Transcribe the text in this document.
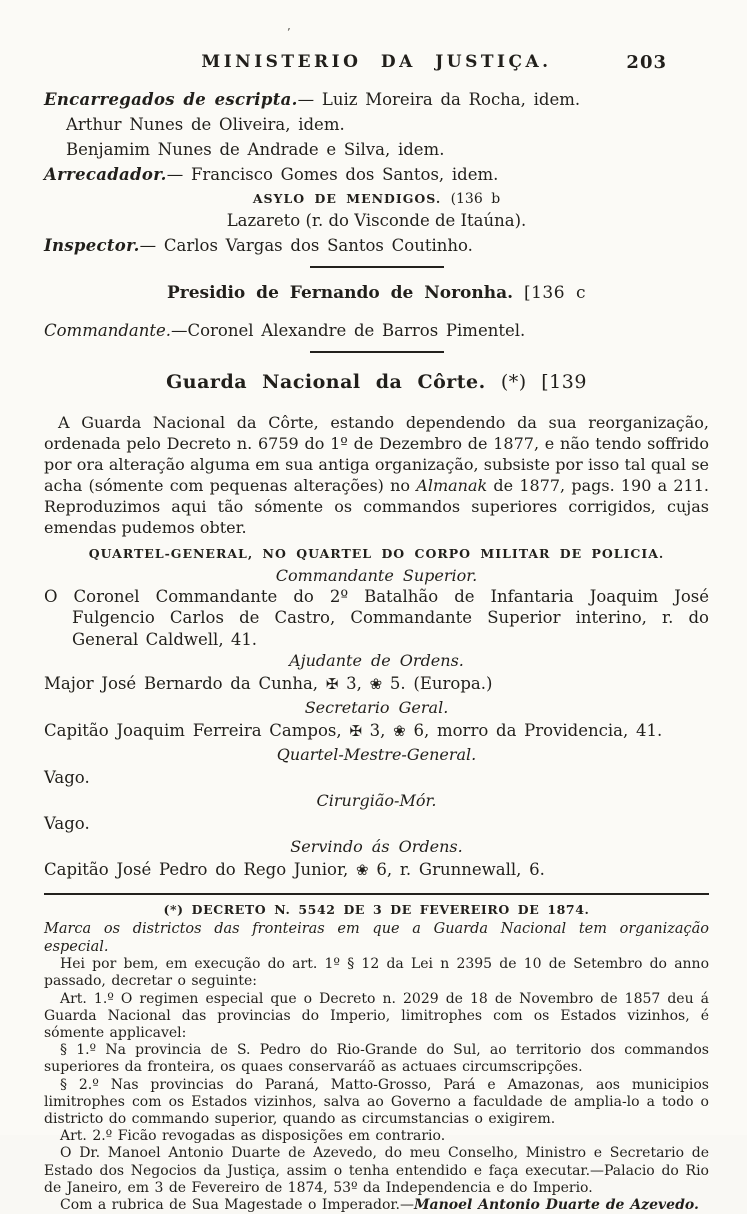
’
MINISTERIO DA JUSTIÇA.	203

Encarregados de escripta.— Luiz Moreira da Rocha, idem.

Arthur Nunes de Oliveira, idem.

Benjamim Nunes de Andrade e Silva, idem.

Arrecadador.— Francisco Gomes dos Santos, idem.

ASYLO DE MENDIGOS. (136 b
Lazareto (r. do Visconde de Itaúna).

Inspector.— Carlos Vargas dos Santos Coutinho.

Presidio de Fernando de Noronha. [136 c

Commandante.—Coronel Alexandre de Barros Pimentel.

Guarda Nacional da Côrte. (*) [139

A Guarda Nacional da Côrte, estando dependendo da sua reorganização, ordenada pelo Decreto n. 6759 do 1º de Dezembro de 1877, e não tendo soffrido por ora alteração alguma em sua antiga organização, subsiste por isso tal qual se acha (sómente com pequenas alterações) no Almanak de 1877, pags. 190 a 211. Reproduzimos aqui tão sómente os commandos superiores corrigidos, cujas emendas pudemos obter.

QUARTEL-GENERAL, NO QUARTEL DO CORPO MILITAR DE POLICIA.
Commandante Superior.

O Coronel Commandante do 2º Batalhão de Infantaria Joaquim José Fulgencio Carlos de Castro, Commandante Superior interino, r. do General Caldwell, 41.

Ajudante de Ordens.

Major José Bernardo da Cunha, ✠ 3, ❀ 5. (Europa.)

Secretario Geral.

Capitão Joaquim Ferreira Campos, ✠ 3, ❀ 6, morro da Providencia, 41.

Quartel-Mestre-General.

Vago.

Cirurgião-Mór.

Vago.

Servindo ás Ordens.

Capitão José Pedro do Rego Junior, ❀ 6, r. Grunnewall, 6.

(*) DECRETO N. 5542 DE 3 DE FEVEREIRO DE 1874.

Marca os districtos das fronteiras em que a Guarda Nacional tem organização especial.

Hei por bem, em execução do art. 1º § 12 da Lei n 2395 de 10 de Setembro do anno passado, decretar o seguinte:

Art. 1.º O regimen especial que o Decreto n. 2029 de 18 de Novembro de 1857 deu á Guarda Nacional das provincias do Imperio, limitrophes com os Estados vizinhos, é sómente applicavel:

§ 1.º Na provincia de S. Pedro do Rio-Grande do Sul, ao territorio dos commandos superiores da fronteira, os quaes conservaráõ as actuaes circumscripções.

§ 2.º Nas provincias do Paraná, Matto-Grosso, Pará e Amazonas, aos municipios limitrophes com os Estados vizinhos, salva ao Governo a faculdade de amplia-lo a todo o districto do commando superior, quando as circumstancias o exigirem.

Art. 2.º Ficão revogadas as disposições em contrario.

O Dr. Manoel Antonio Duarte de Azevedo, do meu Conselho, Ministro e Secretario de Estado dos Negocios da Justiça, assim o tenha entendido e faça executar.—Palacio do Rio de Janeiro, em 3 de Fevereiro de 1874, 53º da Independencia e do Imperio.

Com a rubrica de Sua Magestade o Imperador.—Manoel Antonio Duarte de Azevedo.
